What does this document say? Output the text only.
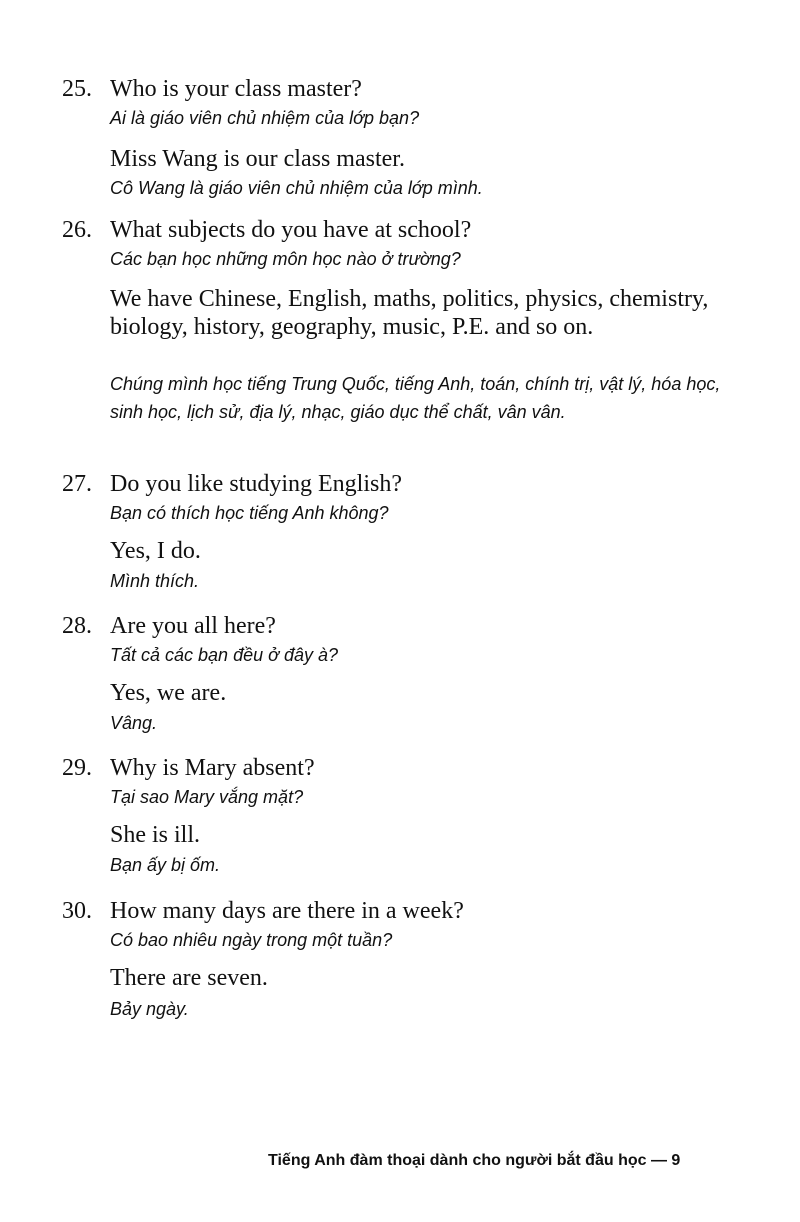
25. Who is your class master?
Ai là giáo viên chủ nhiệm của lớp bạn?
Miss Wang is our class master.
Cô Wang là giáo viên chủ nhiệm của lớp mình.
26. What subjects do you have at school?
Các bạn học những môn học nào ở trường?
We have Chinese, English, maths, politics, physics, chemistry, biology, history, geography, music, P.E. and so on.
Chúng mình học tiếng Trung Quốc, tiếng Anh, toán, chính trị, vật lý, hóa học, sinh học, lịch sử, địa lý, nhạc, giáo dục thể chất, vân vân.
27. Do you like studying English?
Bạn có thích học tiếng Anh không?
Yes, I do.
Mình thích.
28. Are you all here?
Tất cả các bạn đều ở đây à?
Yes, we are.
Vâng.
29. Why is Mary absent?
Tại sao Mary vắng mặt?
She is ill.
Bạn ấy bị ốm.
30. How many days are there in a week?
Có bao nhiêu ngày trong một tuần?
There are seven.
Bảy ngày.
Tiếng Anh đàm thoại dành cho người bắt đầu học — 9
